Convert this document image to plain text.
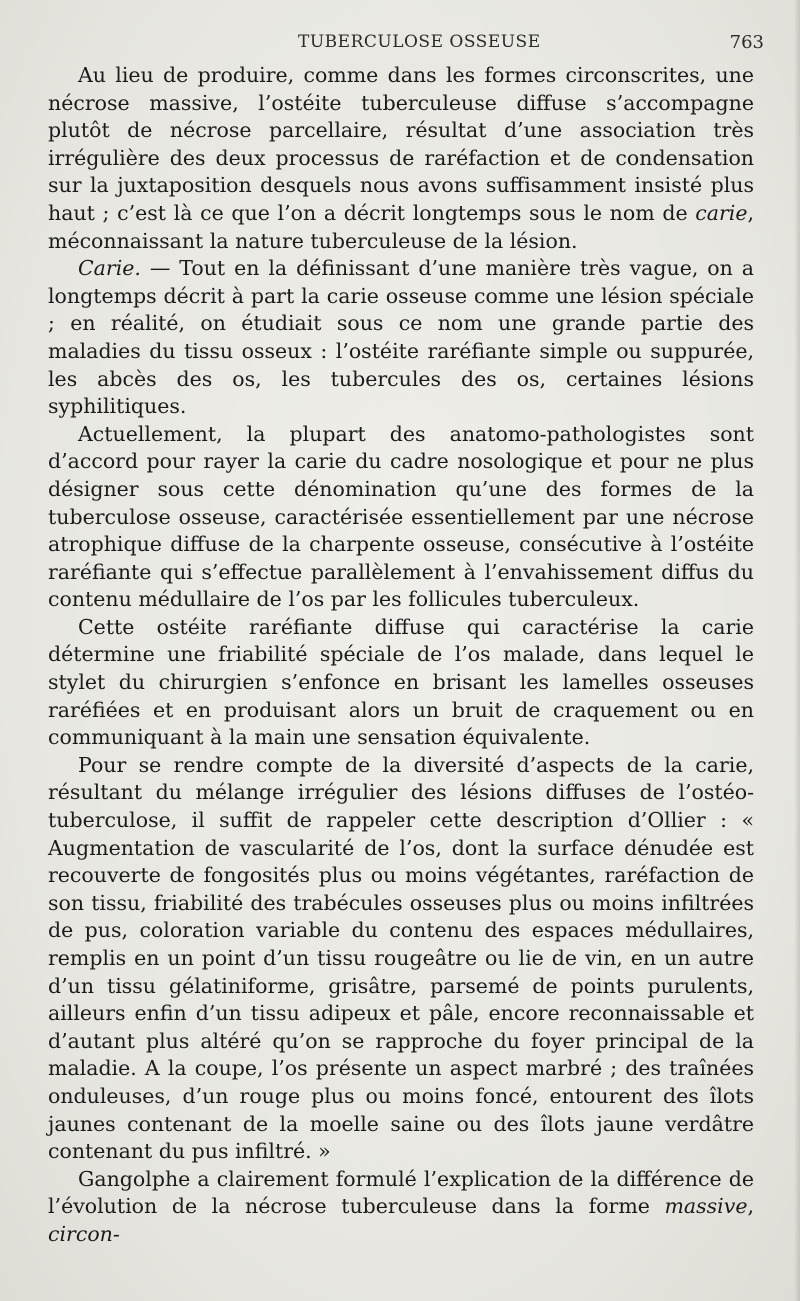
TUBERCULOSE OSSEUSE	763

Au lieu de produire, comme dans les formes circonscrites, une nécrose massive, l’ostéite tuberculeuse diffuse s’accompagne plutôt de nécrose parcellaire, résultat d’une association très irrégulière des deux processus de raréfaction et de condensation sur la juxtaposition desquels nous avons suffisamment insisté plus haut ; c’est là ce que l’on a décrit longtemps sous le nom de carie, méconnaissant la nature tuberculeuse de la lésion.

Carie. — Tout en la définissant d’une manière très vague, on a longtemps décrit à part la carie osseuse comme une lésion spéciale ; en réalité, on étudiait sous ce nom une grande partie des maladies du tissu osseux : l’ostéite raréfiante simple ou suppurée, les abcès des os, les tubercules des os, certaines lésions syphilitiques.

Actuellement, la plupart des anatomo-pathologistes sont d’accord pour rayer la carie du cadre nosologique et pour ne plus désigner sous cette dénomination qu’une des formes de la tuberculose osseuse, caractérisée essentiellement par une nécrose atrophique diffuse de la charpente osseuse, consécutive à l’ostéite raréfiante qui s’effectue parallèlement à l’envahissement diffus du contenu médullaire de l’os par les follicules tuberculeux.

Cette ostéite raréfiante diffuse qui caractérise la carie détermine une friabilité spéciale de l’os malade, dans lequel le stylet du chirurgien s’enfonce en brisant les lamelles osseuses raréfiées et en produisant alors un bruit de craquement ou en communiquant à la main une sensation équivalente.

Pour se rendre compte de la diversité d’aspects de la carie, résultant du mélange irrégulier des lésions diffuses de l’ostéo-tuberculose, il suffit de rappeler cette description d’Ollier : « Augmentation de vascularité de l’os, dont la surface dénudée est recouverte de fongosités plus ou moins végétantes, raréfaction de son tissu, friabilité des trabécules osseuses plus ou moins infiltrées de pus, coloration variable du contenu des espaces médullaires, remplis en un point d’un tissu rougeâtre ou lie de vin, en un autre d’un tissu gélatiniforme, grisâtre, parsemé de points purulents, ailleurs enfin d’un tissu adipeux et pâle, encore reconnaissable et d’autant plus altéré qu’on se rapproche du foyer principal de la maladie. A la coupe, l’os présente un aspect marbré ; des traînées onduleuses, d’un rouge plus ou moins foncé, entourent des îlots jaunes contenant de la moelle saine ou des îlots jaune verdâtre contenant du pus infiltré. »

Gangolphe a clairement formulé l’explication de la différence de l’évolution de la nécrose tuberculeuse dans la forme massive, circon-
